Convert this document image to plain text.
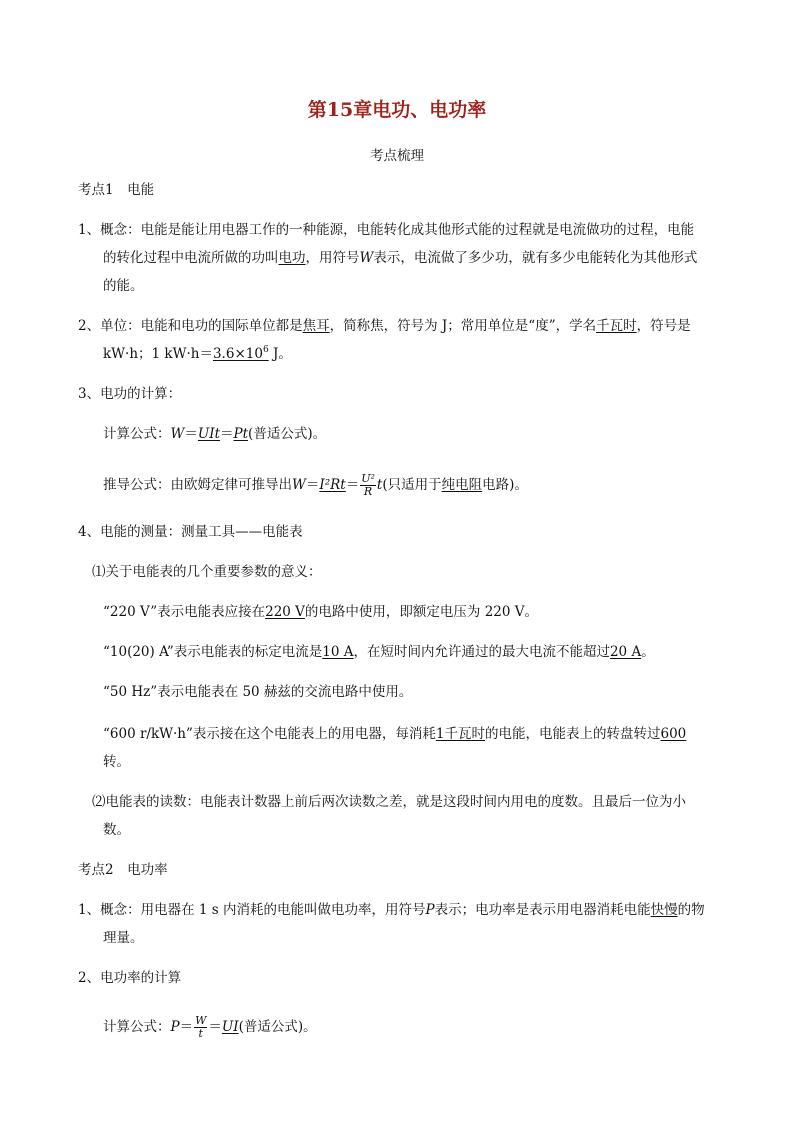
第15章电功、电功率
考点梳理
考点1　电能
1、概念：电能是能让用电器工作的一种能源，电能转化成其他形式能的过程就是电流做功的过程，电能
的转化过程中电流所做的功叫电功，用符号W表示，电流做了多少功，就有多少电能转化为其他形式
的能。
2、单位：电能和电功的国际单位都是焦耳，简称焦，符号为 J；常用单位是“度”，学名千瓦时，符号是
kW·h；1 $kW\cdot h=3.6\times 10^6$ J。
3、电功的计算：
计算公式：W＝UIt＝Pt(普适公式)。
推导公式：由欧姆定律可推导出$W=I^2Rt= \frac{\text{U²}}{R} t$(只适用于纯电阻电路)。
4、电能的测量：测量工具——电能表
⑴关于电能表的几个重要参数的意义：
“220 V”表示电能表应接在220 V的电路中使用，即额定电压为 220 V。
“10(20) A”表示电能表的标定电流是10 A，在短时间内允许通过的最大电流不能超过20 A。
“50 Hz”表示电能表在 50 赫兹的交流电路中使用。
“600 r/kW·h”表示接在这个电能表上的用电器，每消耗1千瓦时的电能，电能表上的转盘转过600
转。
⑵电能表的读数：电能表计数器上前后两次读数之差，就是这段时间内用电的度数。且最后一位为小
数。
考点2　电功率
1、概念：用电器在 1 s 内消耗的电能叫做电功率，用符号P表示；电功率是表示用电器消耗电能快慢的物
理量。
2、电功率的计算
计算公式：$P= \frac{W}{t} =UI$(普适公式)。
